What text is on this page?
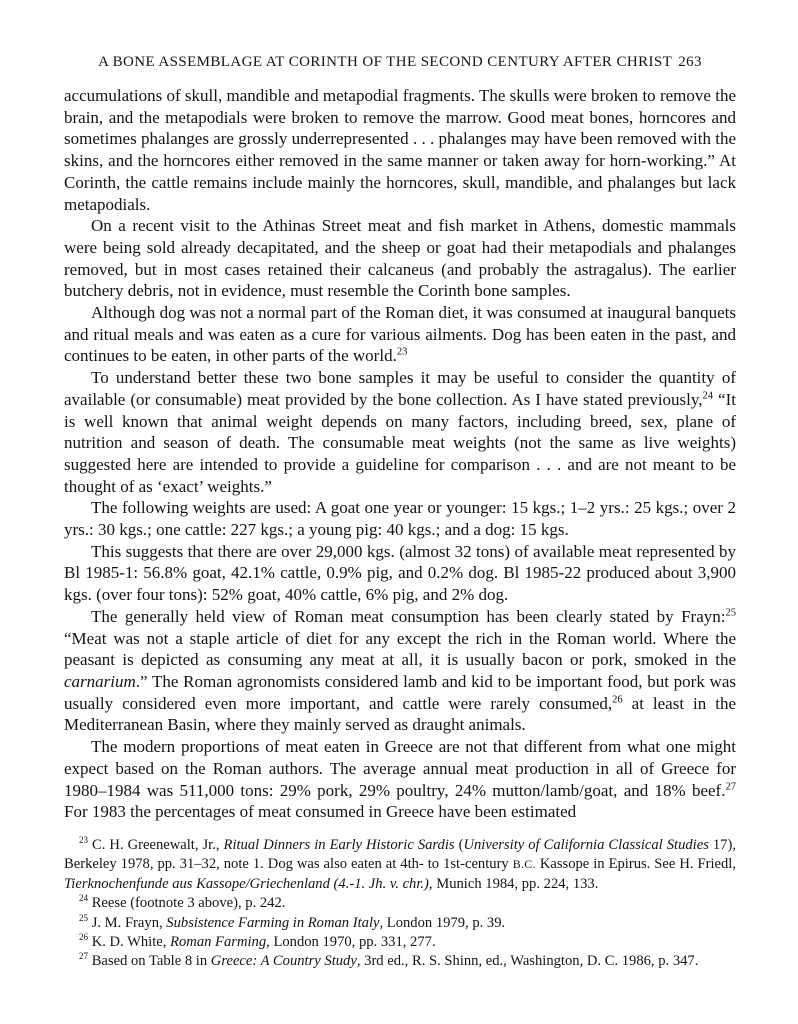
A BONE ASSEMBLAGE AT CORINTH OF THE SECOND CENTURY AFTER CHRIST 263

accumulations of skull, mandible and metapodial fragments. The skulls were broken to remove the brain, and the metapodials were broken to remove the marrow. Good meat bones, horncores and sometimes phalanges are grossly underrepresented . . . phalanges may have been removed with the skins, and the horncores either removed in the same manner or taken away for horn-working.” At Corinth, the cattle remains include mainly the horncores, skull, mandible, and phalanges but lack metapodials.

On a recent visit to the Athinas Street meat and fish market in Athens, domestic mammals were being sold already decapitated, and the sheep or goat had their metapodials and phalanges removed, but in most cases retained their calcaneus (and probably the astragalus). The earlier butchery debris, not in evidence, must resemble the Corinth bone samples.

Although dog was not a normal part of the Roman diet, it was consumed at inaugural banquets and ritual meals and was eaten as a cure for various ailments. Dog has been eaten in the past, and continues to be eaten, in other parts of the world.$^{23}$

To understand better these two bone samples it may be useful to consider the quantity of available (or consumable) meat provided by the bone collection. As I have stated previously,$^{24}$ “It is well known that animal weight depends on many factors, including breed, sex, plane of nutrition and season of death. The consumable meat weights (not the same as live weights) suggested here are intended to provide a guideline for comparison . . . and are not meant to be thought of as ‘exact’ weights.”

The following weights are used: A goat one year or younger: 15 kgs.; 1–2 yrs.: 25 kgs.; over 2 yrs.: 30 kgs.; one cattle: 227 kgs.; a young pig: 40 kgs.; and a dog: 15 kgs.

This suggests that there are over 29,000 kgs. (almost 32 tons) of available meat represented by Bl 1985-1: 56.8% goat, 42.1% cattle, 0.9% pig, and 0.2% dog. Bl 1985-22 produced about 3,900 kgs. (over four tons): 52% goat, 40% cattle, 6% pig, and 2% dog.

The generally held view of Roman meat consumption has been clearly stated by Frayn:$^{25}$ “Meat was not a staple article of diet for any except the rich in the Roman world. Where the peasant is depicted as consuming any meat at all, it is usually bacon or pork, smoked in the carnarium.” The Roman agronomists considered lamb and kid to be important food, but pork was usually considered even more important, and cattle were rarely consumed,$^{26}$ at least in the Mediterranean Basin, where they mainly served as draught animals.

The modern proportions of meat eaten in Greece are not that different from what one might expect based on the Roman authors. The average annual meat production in all of Greece for 1980–1984 was 511,000 tons: 29% pork, 29% poultry, 24% mutton/lamb/goat, and 18% beef.$^{27}$ For 1983 the percentages of meat consumed in Greece have been estimated

$^{23}$ C. H. Greenewalt, Jr., Ritual Dinners in Early Historic Sardis (University of California Classical Studies 17), Berkeley 1978, pp. 31–32, note 1. Dog was also eaten at 4th- to 1st-century B.C. Kassope in Epirus. See H. Friedl, Tierknochenfunde aus Kassope/Griechenland (4.-1. Jh. v. chr.), Munich 1984, pp. 224, 133.

$^{24}$ Reese (footnote 3 above), p. 242.

$^{25}$ J. M. Frayn, Subsistence Farming in Roman Italy, London 1979, p. 39.

$^{26}$ K. D. White, Roman Farming, London 1970, pp. 331, 277.

$^{27}$ Based on Table 8 in Greece: A Country Study, 3rd ed., R. S. Shinn, ed., Washington, D. C. 1986, p. 347.
